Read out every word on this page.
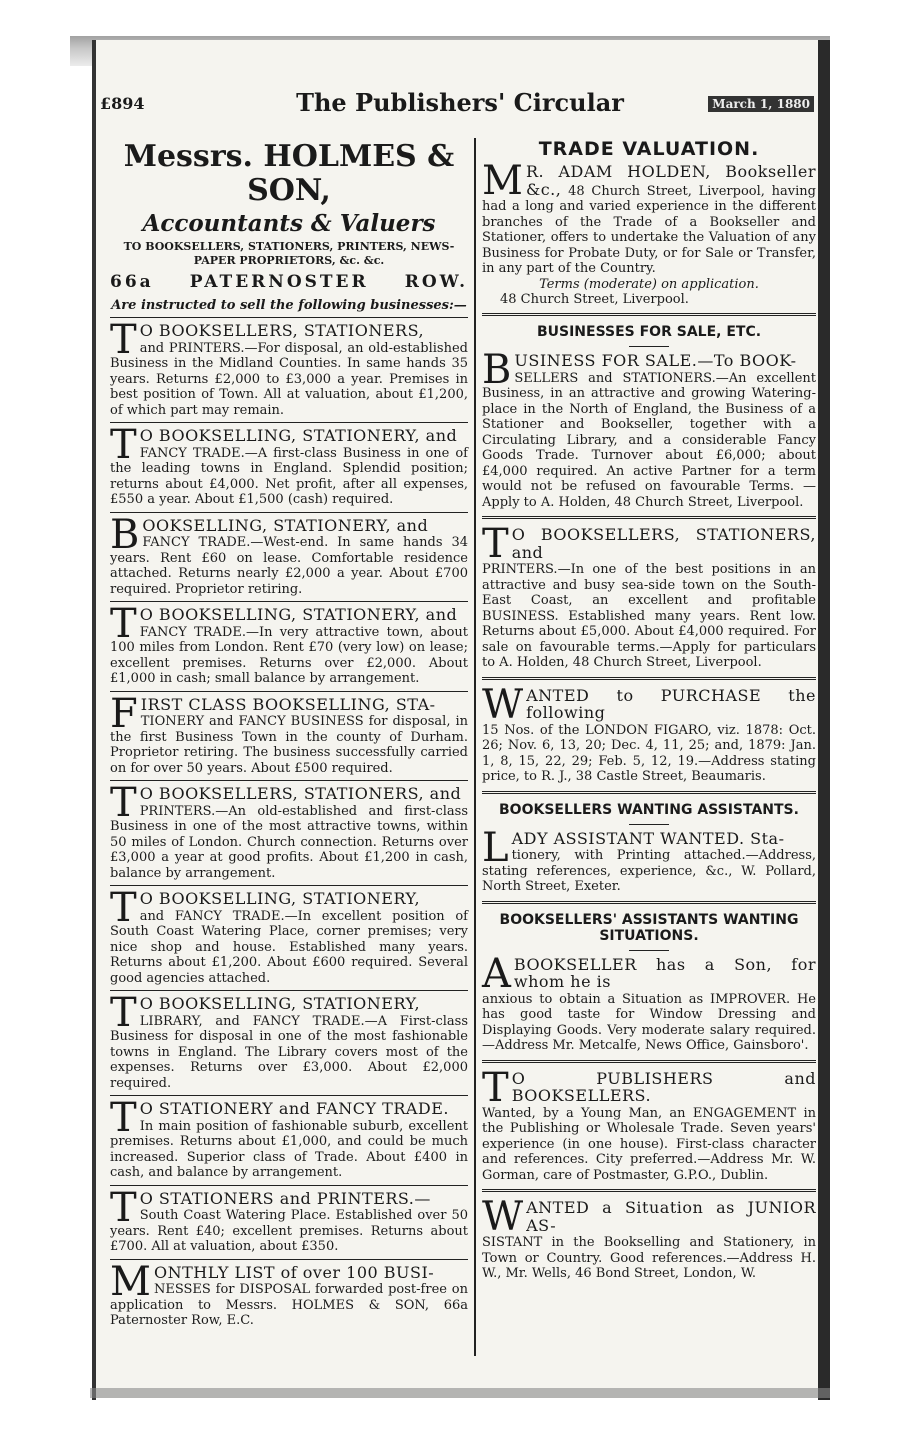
£894	The Publishers' Circular	March 1, 1880
Messrs. HOLMES & SON,
Accountants & Valuers
TO BOOKSELLERS, STATIONERS, PRINTERS, NEWS-PAPER PROPRIETORS, &c. &c.
66a PATERNOSTER ROW.
Are instructed to sell the following businesses:—
T O BOOKSELLERS, STATIONERS,
and PRINTERS.—For disposal, an old-established Business in the Midland Counties. In same hands 35 years. Returns £2,000 to £3,000 a year. Premises in best position of Town. All at valuation, about £1,200, of which part may remain.
T O BOOKSELLING, STATIONERY, and
FANCY TRADE.—A first-class Business in one of the leading towns in England. Splendid position; returns about £4,000. Net profit, after all expenses, £550 a year. About £1,500 (cash) required.
BOOKSELLING, STATIONERY, and
FANCY TRADE.—West-end. In same hands 34 years. Rent £60 on lease. Comfortable residence attached. Returns nearly £2,000 a year. About £700 required. Proprietor retiring.
T O BOOKSELLING, STATIONERY, and
FANCY TRADE.—In very attractive town, about 100 miles from London. Rent £70 (very low) on lease; excellent premises. Returns over £2,000. About £1,000 in cash; small balance by arrangement.
FIRST CLASS BOOKSELLING, STA-
TIONERY and FANCY BUSINESS for disposal, in the first Business Town in the county of Durham. Proprietor retiring. The business successfully carried on for over 50 years. About £500 required.
T O BOOKSELLERS, STATIONERS, and
PRINTERS.—An old-established and first-class Business in one of the most attractive towns, within 50 miles of London. Church connection. Returns over £3,000 a year at good profits. About £1,200 in cash, balance by arrangement.
T O BOOKSELLING, STATIONERY,
and FANCY TRADE.—In excellent position of South Coast Watering Place, corner premises; very nice shop and house. Established many years. Returns about £1,200. About £600 required. Several good agencies attached.
T O BOOKSELLING, STATIONERY,
LIBRARY, and FANCY TRADE.—A First-class Business for disposal in one of the most fashionable towns in England. The Library covers most of the expenses. Returns over £3,000. About £2,000 required.
T O STATIONERY and FANCY TRADE.
In main position of fashionable suburb, excellent premises. Returns about £1,000, and could be much increased. Superior class of Trade. About £400 in cash, and balance by arrangement.
T O STATIONERS and PRINTERS.—
South Coast Watering Place. Established over 50 years. Rent £40; excellent premises. Returns about £700. All at valuation, about £350.
MONTHLY LIST of over 100 BUSI-
NESSES for DISPOSAL forwarded post-free on application to Messrs. HOLMES & SON, 66a Paternoster Row, E.C.
TRADE VALUATION.
M R. ADAM HOLDEN, Bookseller &c., 48 Church Street, Liverpool, having had a long and varied experience in the different branches of the Trade of a Bookseller and Stationer, offers to undertake the Valuation of any Business for Probate Duty, or for Sale or Transfer, in any part of the Country.
Terms (moderate) on application.
48 Church Street, Liverpool.
BUSINESSES FOR SALE, ETC.
BUSINESS FOR SALE.—To BOOK-
SELLERS and STATIONERS.—An excellent Business, in an attractive and growing Watering-place in the North of England, the Business of a Stationer and Bookseller, together with a Circulating Library, and a considerable Fancy Goods Trade. Turnover about £6,000; about £4,000 required. An active Partner for a term would not be refused on favourable Terms. — Apply to A. Holden, 48 Church Street, Liverpool.
T O BOOKSELLERS, STATIONERS, and
PRINTERS.—In one of the best positions in an attractive and busy sea-side town on the South-East Coast, an excellent and profitable BUSINESS. Established many years. Rent low. Returns about £5,000. About £4,000 required. For sale on favourable terms.—Apply for particulars to A. Holden, 48 Church Street, Liverpool.
WANTED to PURCHASE the following
15 Nos. of the LONDON FIGARO, viz. 1878: Oct. 26; Nov. 6, 13, 20; Dec. 4, 11, 25; and, 1879: Jan. 1, 8, 15, 22, 29; Feb. 5, 12, 19.—Address stating price, to R. J., 38 Castle Street, Beaumaris.
BOOKSELLERS WANTING ASSISTANTS.
LADY ASSISTANT WANTED. Sta-
tionery, with Printing attached.—Address, stating references, experience, &c., W. Pollard, North Street, Exeter.
BOOKSELLERS' ASSISTANTS WANTING SITUATIONS.
ABOOKSELLER has a Son, for whom he is
anxious to obtain a Situation as IMPROVER. He has good taste for Window Dressing and Displaying Goods. Very moderate salary required.—Address Mr. Metcalfe, News Office, Gainsboro'.
T O PUBLISHERS and BOOKSELLERS.
Wanted, by a Young Man, an ENGAGEMENT in the Publishing or Wholesale Trade. Seven years' experience (in one house). First-class character and references. City preferred.—Address Mr. W. Gorman, care of Postmaster, G.P.O., Dublin.
WANTED a Situation as JUNIOR AS-
SISTANT in the Bookselling and Stationery, in Town or Country. Good references.—Address H. W., Mr. Wells, 46 Bond Street, London, W.
